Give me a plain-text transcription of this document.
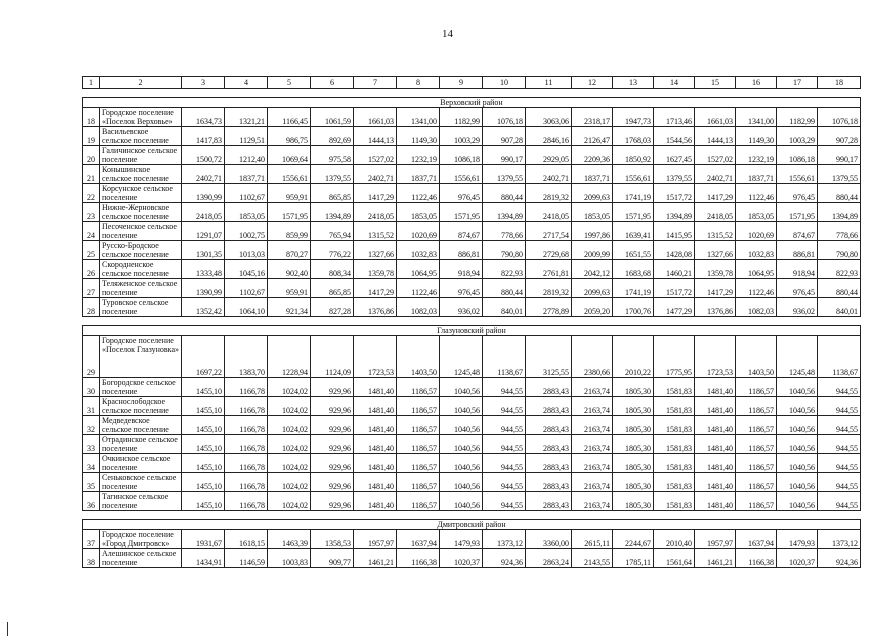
14
1	2	3	4	5	6	7	8	9	10	11	12	13	14	15	16	17	18

Верховский район																	
18	Городское поселение «Поселок Верховье»	1634,73	1321,21	1166,45	1061,59	1661,03	1341,00	1182,99	1076,18	3063,06	2318,17	1947,73	1713,46	1661,03	1341,00	1182,99	1076,18
19	Васильевское сельское поселение	1417,83	1129,51	986,75	892,69	1444,13	1149,30	1003,29	907,28	2846,16	2126,47	1768,03	1544,56	1444,13	1149,30	1003,29	907,28
20	Галичинское сельское поселение	1500,72	1212,40	1069,64	975,58	1527,02	1232,19	1086,18	990,17	2929,05	2209,36	1850,92	1627,45	1527,02	1232,19	1086,18	990,17
21	Конышинское сельское поселение	2402,71	1837,71	1556,61	1379,55	2402,71	1837,71	1556,61	1379,55	2402,71	1837,71	1556,61	1379,55	2402,71	1837,71	1556,61	1379,55
22	Корсунское сельское поселение	1390,99	1102,67	959,91	865,85	1417,29	1122,46	976,45	880,44	2819,32	2099,63	1741,19	1517,72	1417,29	1122,46	976,45	880,44
23	Нижне-Жерновское сельское поселение	2418,05	1853,05	1571,95	1394,89	2418,05	1853,05	1571,95	1394,89	2418,05	1853,05	1571,95	1394,89	2418,05	1853,05	1571,95	1394,89
24	Песоченское сельское поселение	1291,07	1002,75	859,99	765,94	1315,52	1020,69	874,67	778,66	2717,54	1997,86	1639,41	1415,95	1315,52	1020,69	874,67	778,66
25	Русско-Бродское сельское поселение	1301,35	1013,03	870,27	776,22	1327,66	1032,83	886,81	790,80	2729,68	2009,99	1651,55	1428,08	1327,66	1032,83	886,81	790,80
26	Скородненское сельское поселение	1333,48	1045,16	902,40	808,34	1359,78	1064,95	918,94	822,93	2761,81	2042,12	1683,68	1460,21	1359,78	1064,95	918,94	822,93
27	Теляженское сельское поселение	1390,99	1102,67	959,91	865,85	1417,29	1122,46	976,45	880,44	2819,32	2099,63	1741,19	1517,72	1417,29	1122,46	976,45	880,44
28	Туровское сельское поселение	1352,42	1064,10	921,34	827,28	1376,86	1082,03	936,02	840,01	2778,89	2059,20	1700,76	1477,29	1376,86	1082,03	936,02	840,01

Глазуновский район																	
29	Городское поселение «Поселок Глазуновка»	1697,22	1383,70	1228,94	1124,09	1723,53	1403,50	1245,48	1138,67	3125,55	2380,66	2010,22	1775,95	1723,53	1403,50	1245,48	1138,67
30	Богородское сельское поселение	1455,10	1166,78	1024,02	929,96	1481,40	1186,57	1040,56	944,55	2883,43	2163,74	1805,30	1581,83	1481,40	1186,57	1040,56	944,55
31	Краснослободское сельское поселение	1455,10	1166,78	1024,02	929,96	1481,40	1186,57	1040,56	944,55	2883,43	2163,74	1805,30	1581,83	1481,40	1186,57	1040,56	944,55
32	Медведевское сельское поселение	1455,10	1166,78	1024,02	929,96	1481,40	1186,57	1040,56	944,55	2883,43	2163,74	1805,30	1581,83	1481,40	1186,57	1040,56	944,55
33	Отрадинское сельское поселение	1455,10	1166,78	1024,02	929,96	1481,40	1186,57	1040,56	944,55	2883,43	2163,74	1805,30	1581,83	1481,40	1186,57	1040,56	944,55
34	Очкинское сельское поселение	1455,10	1166,78	1024,02	929,96	1481,40	1186,57	1040,56	944,55	2883,43	2163,74	1805,30	1581,83	1481,40	1186,57	1040,56	944,55
35	Сеньковское сельское поселение	1455,10	1166,78	1024,02	929,96	1481,40	1186,57	1040,56	944,55	2883,43	2163,74	1805,30	1581,83	1481,40	1186,57	1040,56	944,55
36	Тагинское сельское поселение	1455,10	1166,78	1024,02	929,96	1481,40	1186,57	1040,56	944,55	2883,43	2163,74	1805,30	1581,83	1481,40	1186,57	1040,56	944,55

Дмитровский район																	
37	Городское поселение «Город Дмитровск»	1931,67	1618,15	1463,39	1358,53	1957,97	1637,94	1479,93	1373,12	3360,00	2615,11	2244,67	2010,40	1957,97	1637,94	1479,93	1373,12
38	Алешинское сельское поселение	1434,91	1146,59	1003,83	909,77	1461,21	1166,38	1020,37	924,36	2863,24	2143,55	1785,11	1561,64	1461,21	1166,38	1020,37	924,36
